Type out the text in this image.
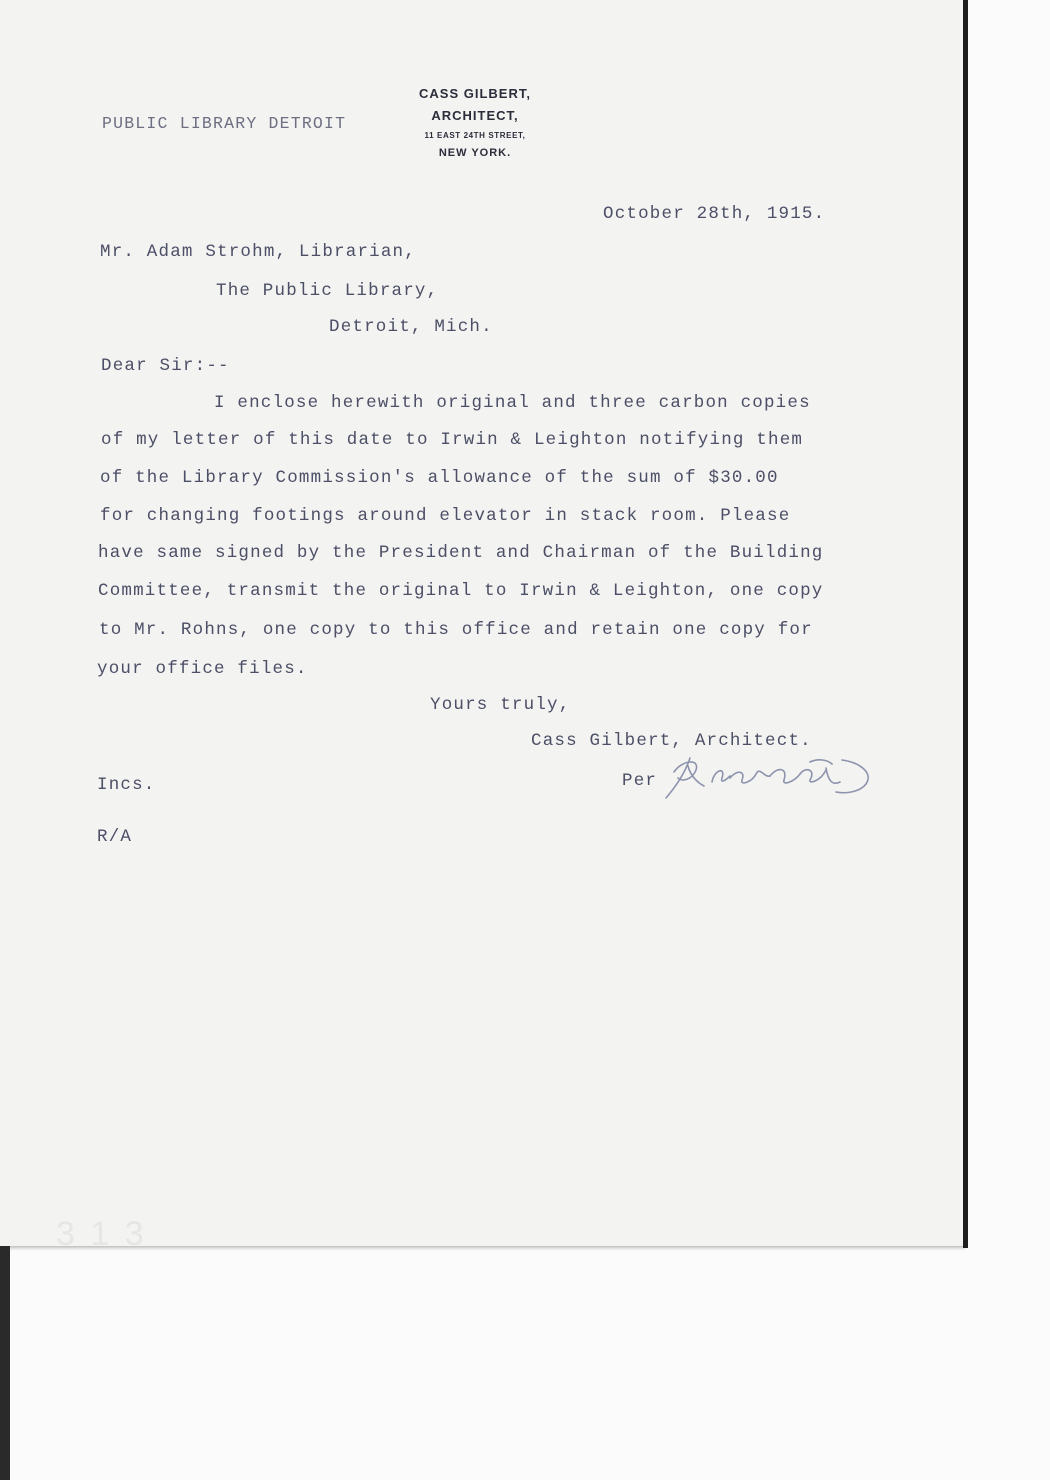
3 1 3

PUBLIC LIBRARY DETROIT

CASS GILBERT,

ARCHITECT,

11 EAST 24TH STREET,

NEW YORK.

October 28th, 1915.

Mr. Adam Strohm, Librarian,

The Public Library,

Detroit, Mich.

Dear Sir:--

I enclose herewith original and three carbon copies

of my letter of this date to Irwin & Leighton notifying them

of the Library Commission's allowance of the sum of $30.00

for changing footings around elevator in stack room. Please

have same signed by the President and Chairman of the Building

Committee, transmit the original to Irwin & Leighton, one copy

to Mr. Rohns, one copy to this office and retain one copy for

your office files.

Yours truly,

Cass Gilbert, Architect.

Per

Incs.

R/A
